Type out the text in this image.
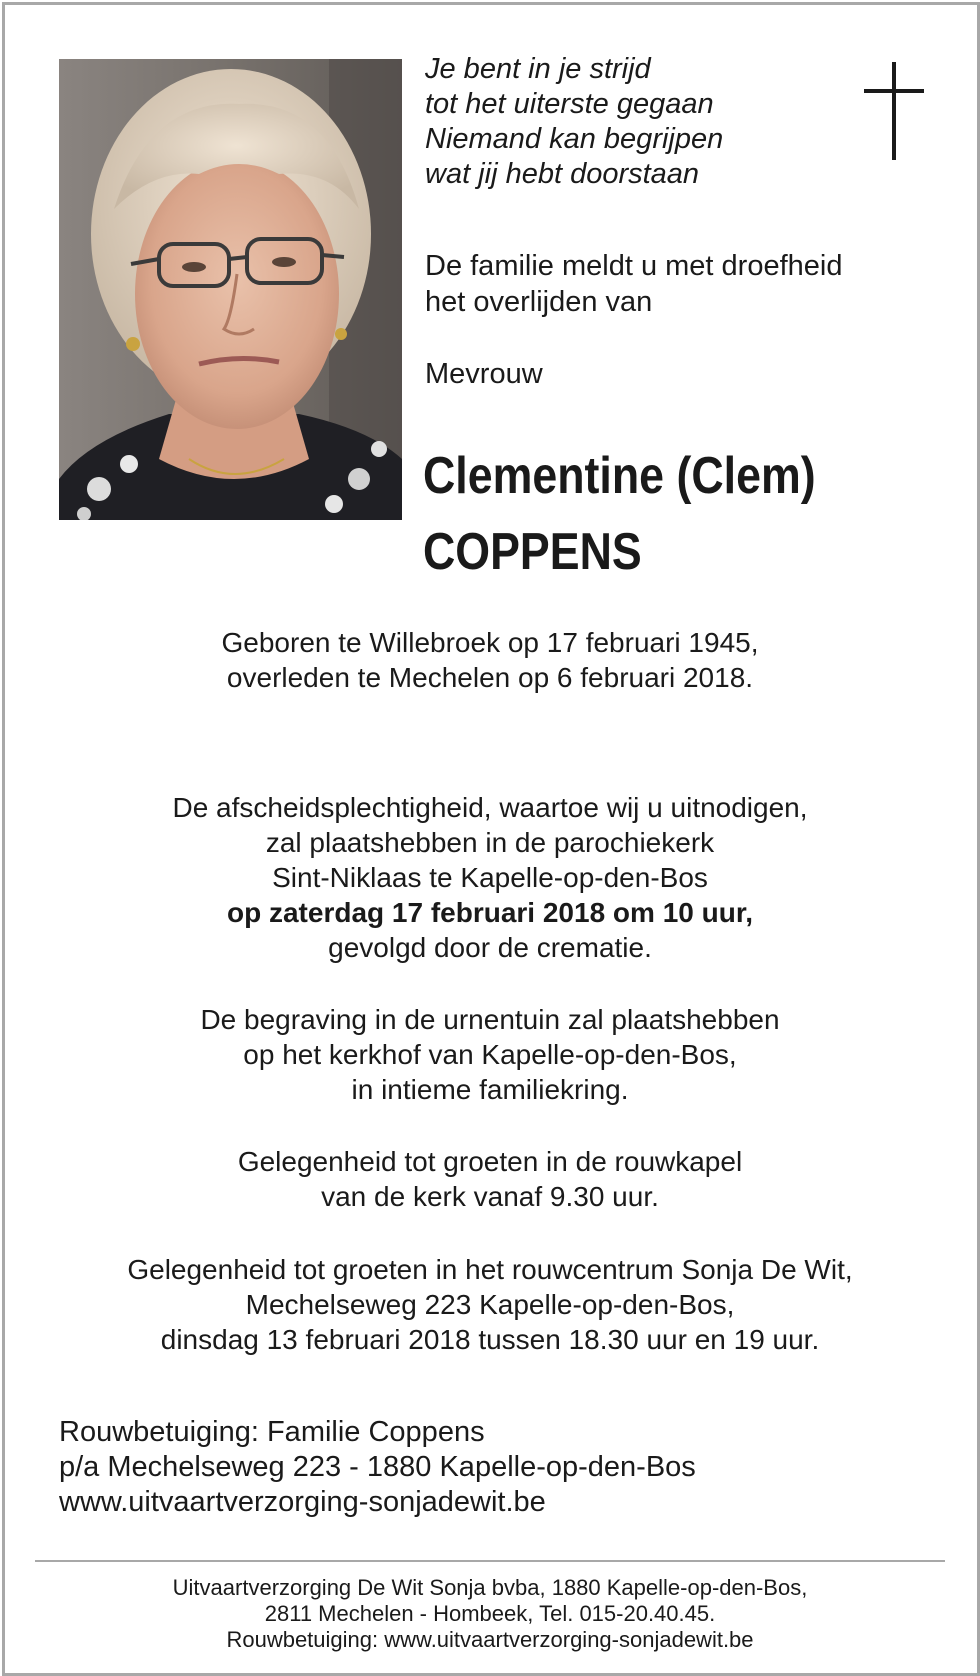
Je bent in je strijd
tot het uiterste gegaan
Niemand kan begrijpen
wat jij hebt doorstaan
De familie meldt u met droefheid
het overlijden van
Mevrouw
Clementine (Clem)
COPPENS
Geboren te Willebroek op 17 februari 1945,
overleden te Mechelen op 6 februari 2018.
De afscheidsplechtigheid, waartoe wij u uitnodigen,
zal plaatshebben in de parochiekerk
Sint-Niklaas te Kapelle-op-den-Bos
op zaterdag 17 februari 2018 om 10 uur,
gevolgd door de crematie.
De begraving in de urnentuin zal plaatshebben
op het kerkhof van Kapelle-op-den-Bos,
in intieme familiekring.
Gelegenheid tot groeten in de rouwkapel
van de kerk vanaf 9.30 uur.
Gelegenheid tot groeten in het rouwcentrum Sonja De Wit,
Mechelseweg 223 Kapelle-op-den-Bos,
dinsdag 13 februari 2018 tussen 18.30 uur en 19 uur.
Rouwbetuiging: Familie Coppens
p/a Mechelseweg 223 - 1880 Kapelle-op-den-Bos
www.uitvaartverzorging-sonjadewit.be
Uitvaartverzorging De Wit Sonja bvba, 1880 Kapelle-op-den-Bos,
2811 Mechelen - Hombeek, Tel. 015-20.40.45.
Rouwbetuiging: www.uitvaartverzorging-sonjadewit.be
